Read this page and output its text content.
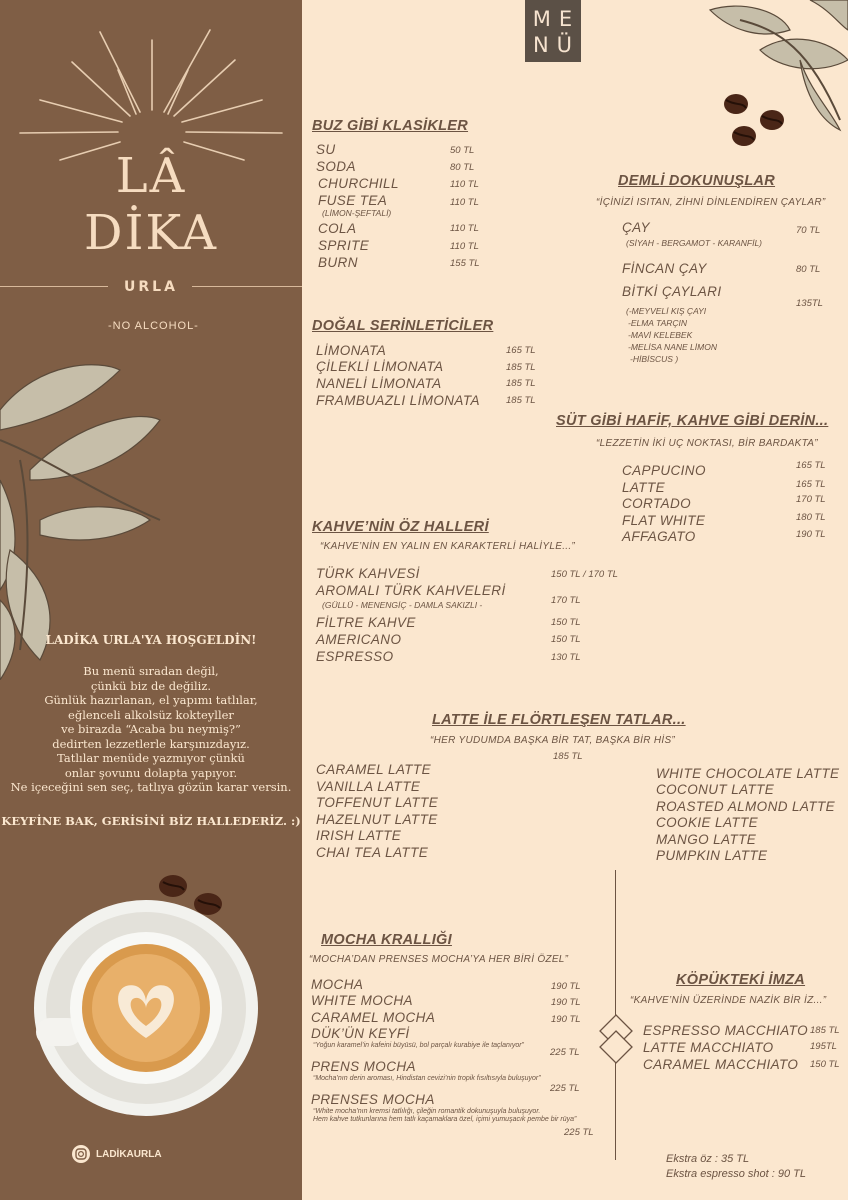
LÂ
DİKA
URLA
-NO ALCOHOL-
LADİKA URLA'YA HOŞGELDİN!
Bu menü sıradan değil,
çünkü biz de değiliz.
Günlük hazırlanan, el yapımı tatlılar,
eğlenceli alkolsüz kokteyller
ve birazda “Acaba bu neymiş?”
dedirten lezzetlerle karşınızdayız.
Tatlılar menüde yazmıyor çünkü
onlar şovunu dolapta yapıyor.
Ne içeceğini sen seç, tatlıya gözün karar versin.
KEYFİNE BAK, GERİSİNİ BİZ HALLEDERİZ. :)
LADİKAURLA
ME
NÜ
BUZ GİBİ KLASİKLER
SU	50 TL
SODA	80 TL
CHURCHILL	110 TL
FUSE TEA	110 TL
(LİMON-ŞEFTALİ)
COLA	110 TL
SPRITE	110 TL
BURN	155 TL
DEMLİ DOKUNUŞLAR
“İÇİNİZİ ISITAN, ZİHNİ DİNLENDİREN ÇAYLAR”
ÇAY	70 TL
(SİYAH - BERGAMOT - KARANFİL)
FİNCAN ÇAY	80 TL
BİTKİ ÇAYLARI
135TL
(-MEYVELİ KIŞ ÇAYI
-ELMA TARÇIN
-MAVİ KELEBEK
-MELİSA NANE LİMON
-HİBİSCUS )
DOĞAL SERİNLETİCİLER
LİMONATA	165 TL
ÇİLEKLİ LİMONATA	185 TL
NANELİ LİMONATA	185 TL
FRAMBUAZLI LİMONATA	185 TL
SÜT GİBİ HAFİF, KAHVE GİBİ DERİN...
“LEZZETİN İKİ UÇ NOKTASI, BİR BARDAKTA”
CAPPUCINO	165 TL
LATTE	165 TL
CORTADO	170 TL
FLAT WHITE	180 TL
AFFAGATO	190 TL
KAHVE’NİN ÖZ HALLERİ
“KAHVE’NİN EN YALIN EN KARAKTERLİ HALİYLE...”
TÜRK KAHVESİ	150 TL / 170 TL
AROMALI TÜRK KAHVELERİ
170 TL
(GÜLLÜ - MENENGİÇ - DAMLA SAKIZLI -
FİLTRE KAHVE	150 TL
AMERICANO	150 TL
ESPRESSO	130 TL
LATTE İLE FLÖRTLEŞEN TATLAR...
“HER YUDUMDA BAŞKA BİR TAT, BAŞKA BİR HİS”
185 TL
CARAMEL LATTE
VANILLA LATTE
TOFFENUT LATTE
HAZELNUT LATTE
IRISH LATTE
CHAI TEA LATTE
WHITE CHOCOLATE LATTE
COCONUT LATTE
ROASTED ALMOND LATTE
COOKIE LATTE
MANGO LATTE
PUMPKIN LATTE
MOCHA KRALLIĞI
“MOCHA’DAN PRENSES MOCHA’YA HER BİRİ ÖZEL”
MOCHA	190 TL
WHITE MOCHA	190 TL
CARAMEL MOCHA	190 TL
DÜK’ÜN KEYFİ
“Yoğun karamel’in kafeini büyüsü, bol parçalı kurabiye ile taçlanıyor”
225 TL
PRENS MOCHA
“Mocha’nın derin aroması, Hindistan cevizi’nin tropik fısıltısıyla buluşuyor”
225 TL
PRENSES MOCHA
“White mocha’nın kremsi tatlılığı, çileğin romantik dokunuşuyla buluşuyor.
Hem kahve tutkunlarına hem tatlı kaçamaklara özel, içimi yumuşacık pembe bir rüya”
225 TL
KÖPÜKTEKİ İMZA
“KAHVE’NİN ÜZERİNDE NAZİK BİR İZ...”
ESPRESSO MACCHIATO 185 TL
LATTE MACCHIATO	195TL
CARAMEL MACCHIATO 150 TL
Ekstra öz : 35 TL
Ekstra espresso shot : 90 TL
